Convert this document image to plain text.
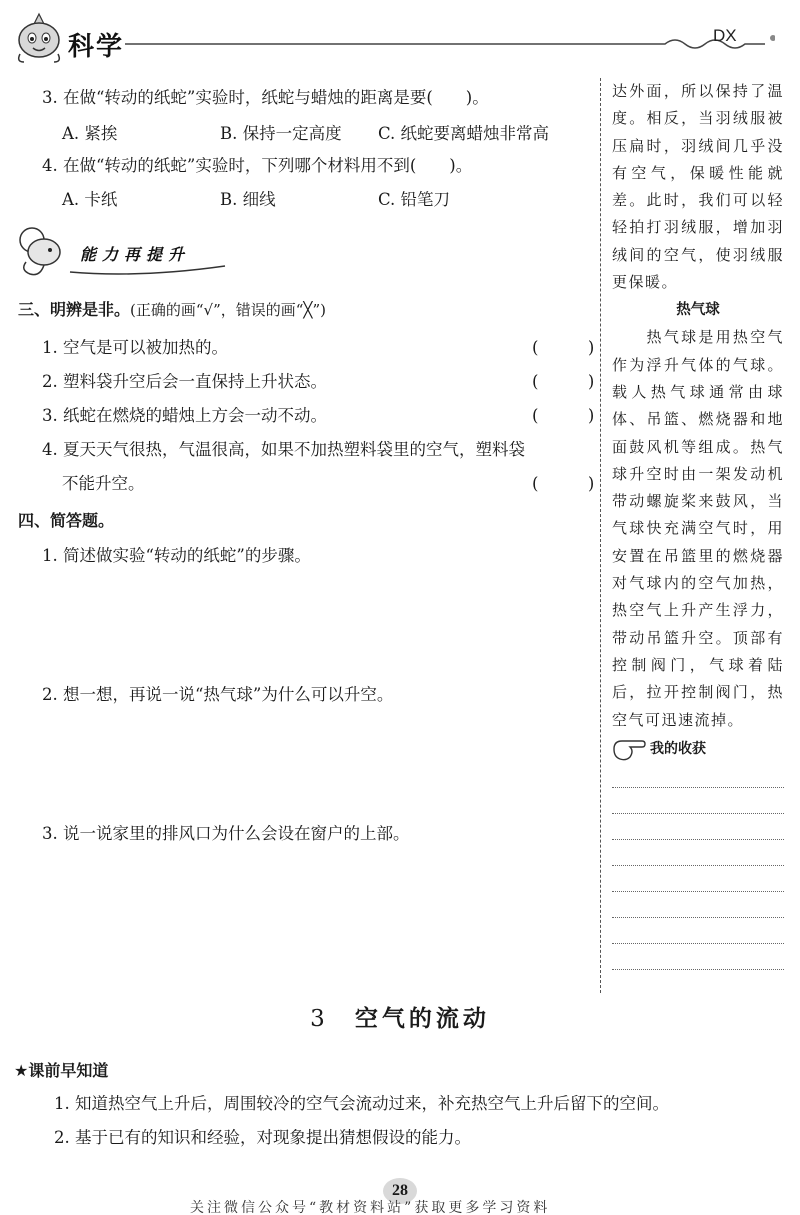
科学	DX
3. 在做“转动的纸蛇”实验时，纸蛇与蜡烛的距离是要(　　)。
A. 紧挨	B. 保持一定高度	C. 纸蛇要离蜡烛非常高
4. 在做“转动的纸蛇”实验时，下列哪个材料用不到(　　)。
A. 卡纸	B. 细线	C. 铅笔刀
三、明辨是非。(正确的画“√”，错误的画“╳”)
1. 空气是可以被加热的。	(　　　)
2. 塑料袋升空后会一直保持上升状态。	(　　　)
3. 纸蛇在燃烧的蜡烛上方会一动不动。	(　　　)
4. 夏天天气很热，气温很高，如果不加热塑料袋里的空气，塑料袋
不能升空。	(　　　)
四、简答题。
1. 简述做实验“转动的纸蛇”的步骤。
2. 想一想，再说一说“热气球”为什么可以升空。
3. 说一说家里的排风口为什么会设在窗户的上部。
能力再提升
达外面，所以保持了温度。相反，当羽绒服被压扁时，羽绒间几乎没有空气，保暖性能就差。此时，我们可以轻轻拍打羽绒服，增加羽绒间的空气，使羽绒服更保暖。
热气球
　　热气球是用热空气作为浮升气体的气球。载人热气球通常由球体、吊篮、燃烧器和地面鼓风机等组成。热气球升空时由一架发动机带动螺旋桨来鼓风，当气球快充满空气时，用安置在吊篮里的燃烧器对气球内的空气加热，热空气上升产生浮力，带动吊篮升空。顶部有控制阀门，气球着陆后，拉开控制阀门，热空气可迅速流掉。
我的收获
3 空气的流动
★课前早知道
1. 知道热空气上升后，周围较冷的空气会流动过来，补充热空气上升后留下的空间。
2. 基于已有的知识和经验，对现象提出猜想假设的能力。
28
关注微信公众号“教材资料站”获取更多学习资料
